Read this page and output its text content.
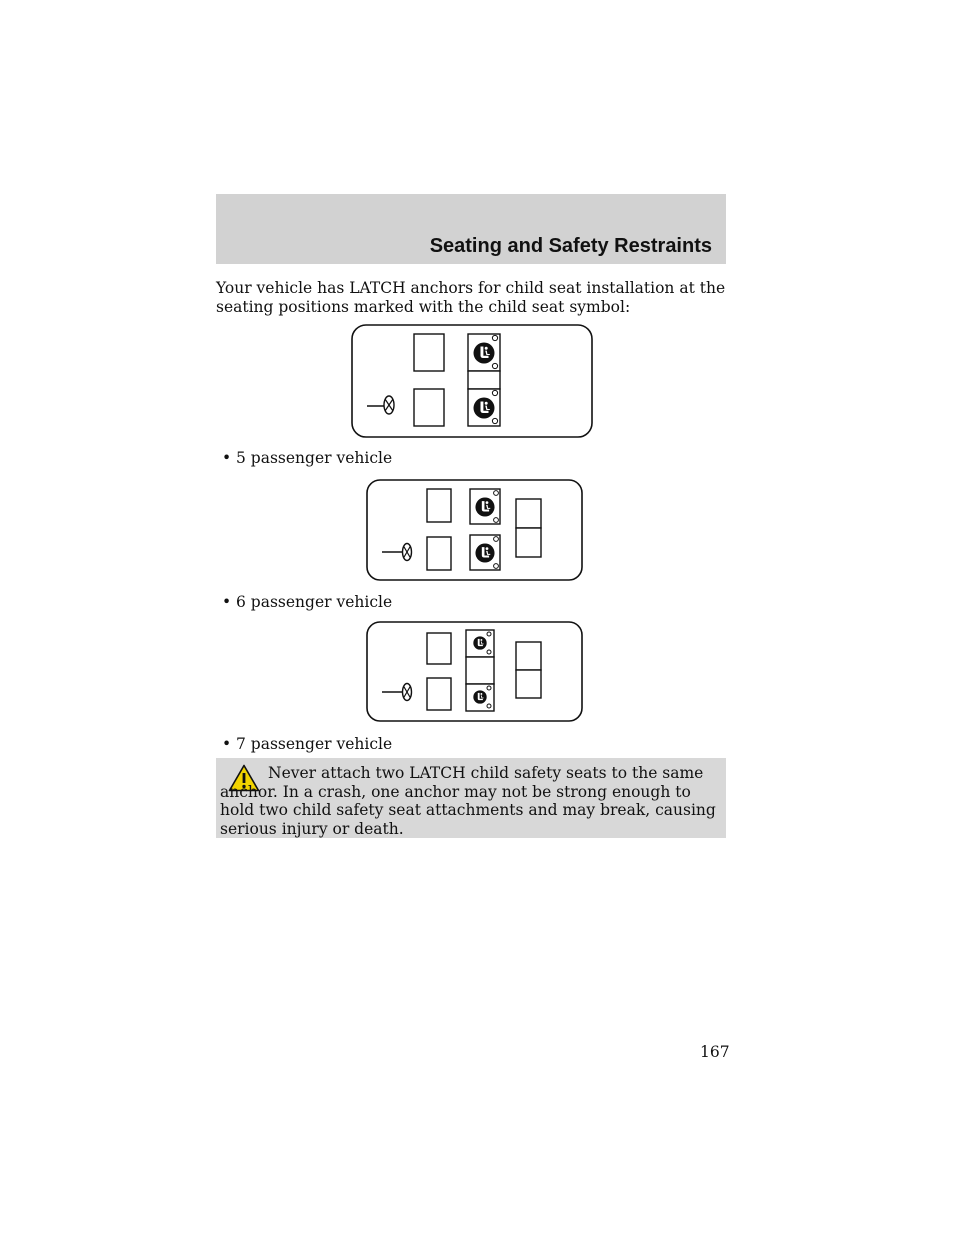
Seating and Safety Restraints

Your vehicle has LATCH anchors for child seat installation at the seating positions marked with the child seat symbol:

• 5 passenger vehicle
• 6 passenger vehicle
• 7 passenger vehicle

Never attach two LATCH child safety seats to the same anchor. In a crash, one anchor may not be strong enough to hold two child safety seat attachments and may break, causing serious injury or death.

167
